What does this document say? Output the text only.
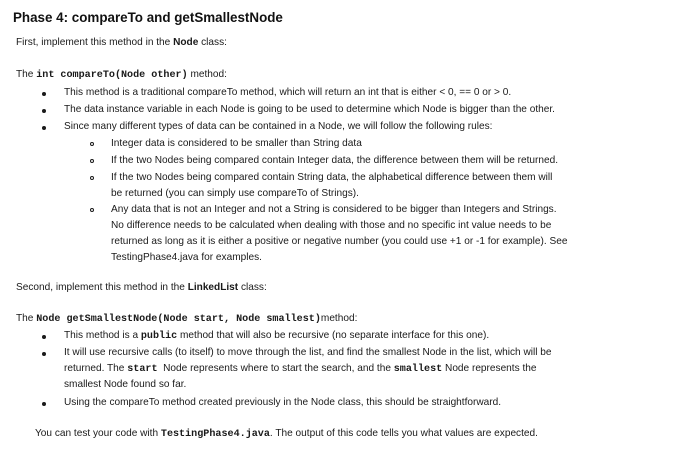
Phase 4: compareTo and getSmallestNode
First, implement this method in the Node class:
The int compareTo(Node other) method:
This method is a traditional compareTo method, which will return an int that is either < 0, == 0 or > 0.
The data instance variable in each Node is going to be used to determine which Node is bigger than the other.
Since many different types of data can be contained in a Node, we will follow the following rules:
Integer data is considered to be smaller than String data
If the two Nodes being compared contain Integer data, the difference between them will be returned.
If the two Nodes being compared contain String data, the alphabetical difference between them will
be returned (you can simply use compareTo of Strings).
Any data that is not an Integer and not a String is considered to be bigger than Integers and Strings.
No difference needs to be calculated when dealing with those and no specific int value needs to be
returned as long as it is either a positive or negative number (you could use +1 or -1 for example). See
TestingPhase4.java for examples.
Second, implement this method in the LinkedList class:
The Node getSmallestNode(Node start, Node smallest)method:
This method is a public method that will also be recursive (no separate interface for this one).
It will use recursive calls (to itself) to move through the list, and find the smallest Node in the list, which will be
returned. The start  Node represents where to start the search, and the smallest Node represents the
smallest Node found so far.
Using the compareTo method created previously in the Node class, this should be straightforward.
You can test your code with TestingPhase4.java. The output of this code tells you what values are expected.
